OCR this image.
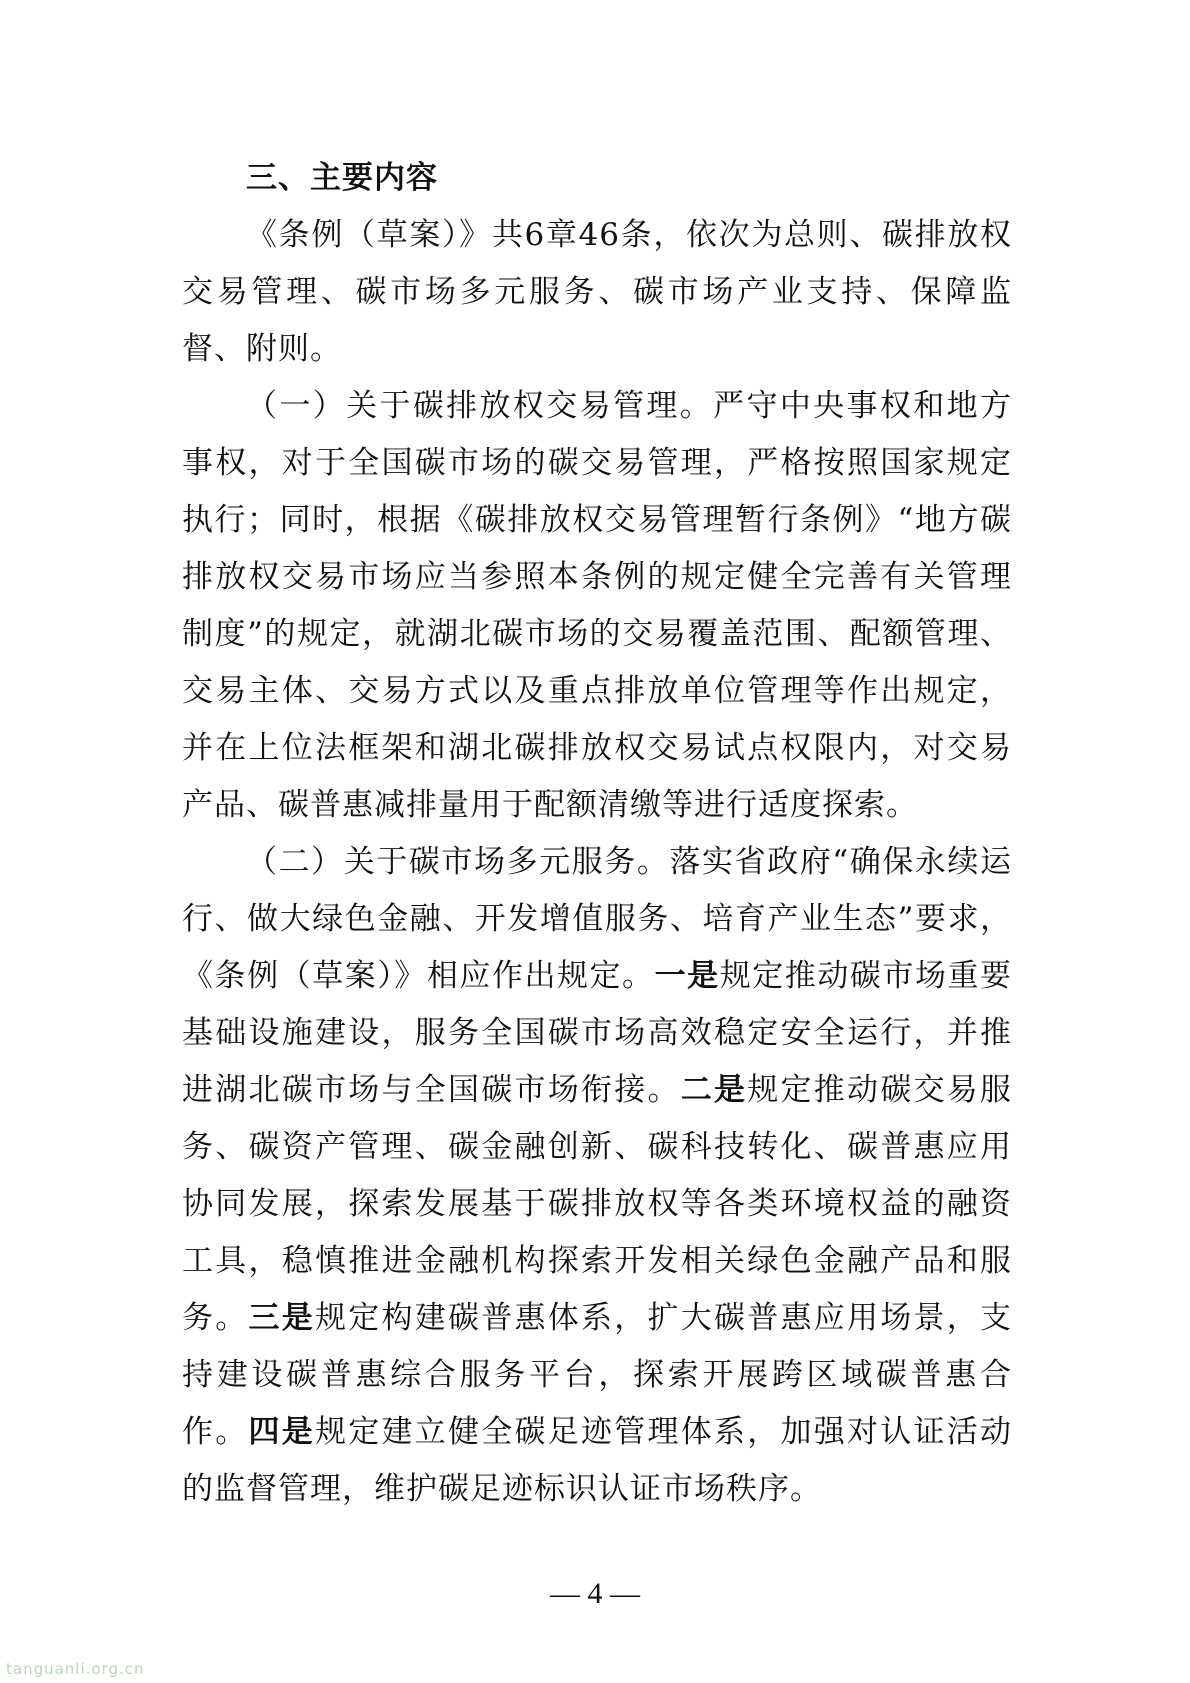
三、主要内容

《条例（草案）》共6章46条，依次为总则、碳排放权交易管理、碳市场多元服务、碳市场产业支持、保障监督、附则。

（一）关于碳排放权交易管理。严守中央事权和地方事权，对于全国碳市场的碳交易管理，严格按照国家规定执行；同时，根据《碳排放权交易管理暂行条例》“地方碳排放权交易市场应当参照本条例的规定健全完善有关管理制度”的规定，就湖北碳市场的交易覆盖范围、配额管理、交易主体、交易方式以及重点排放单位管理等作出规定，并在上位法框架和湖北碳排放权交易试点权限内，对交易产品、碳普惠减排量用于配额清缴等进行适度探索。

（二）关于碳市场多元服务。落实省政府“确保永续运行、做大绿色金融、开发增值服务、培育产业生态”要求，《条例（草案）》相应作出规定。一是规定推动碳市场重要基础设施建设，服务全国碳市场高效稳定安全运行，并推进湖北碳市场与全国碳市场衔接。二是规定推动碳交易服务、碳资产管理、碳金融创新、碳科技转化、碳普惠应用协同发展，探索发展基于碳排放权等各类环境权益的融资工具，稳慎推进金融机构探索开发相关绿色金融产品和服务。三是规定构建碳普惠体系，扩大碳普惠应用场景，支持建设碳普惠综合服务平台，探索开展跨区域碳普惠合作。四是规定建立健全碳足迹管理体系，加强对认证活动的监督管理，维护碳足迹标识认证市场秩序。

— 4 —
tanguanli.org.cn
